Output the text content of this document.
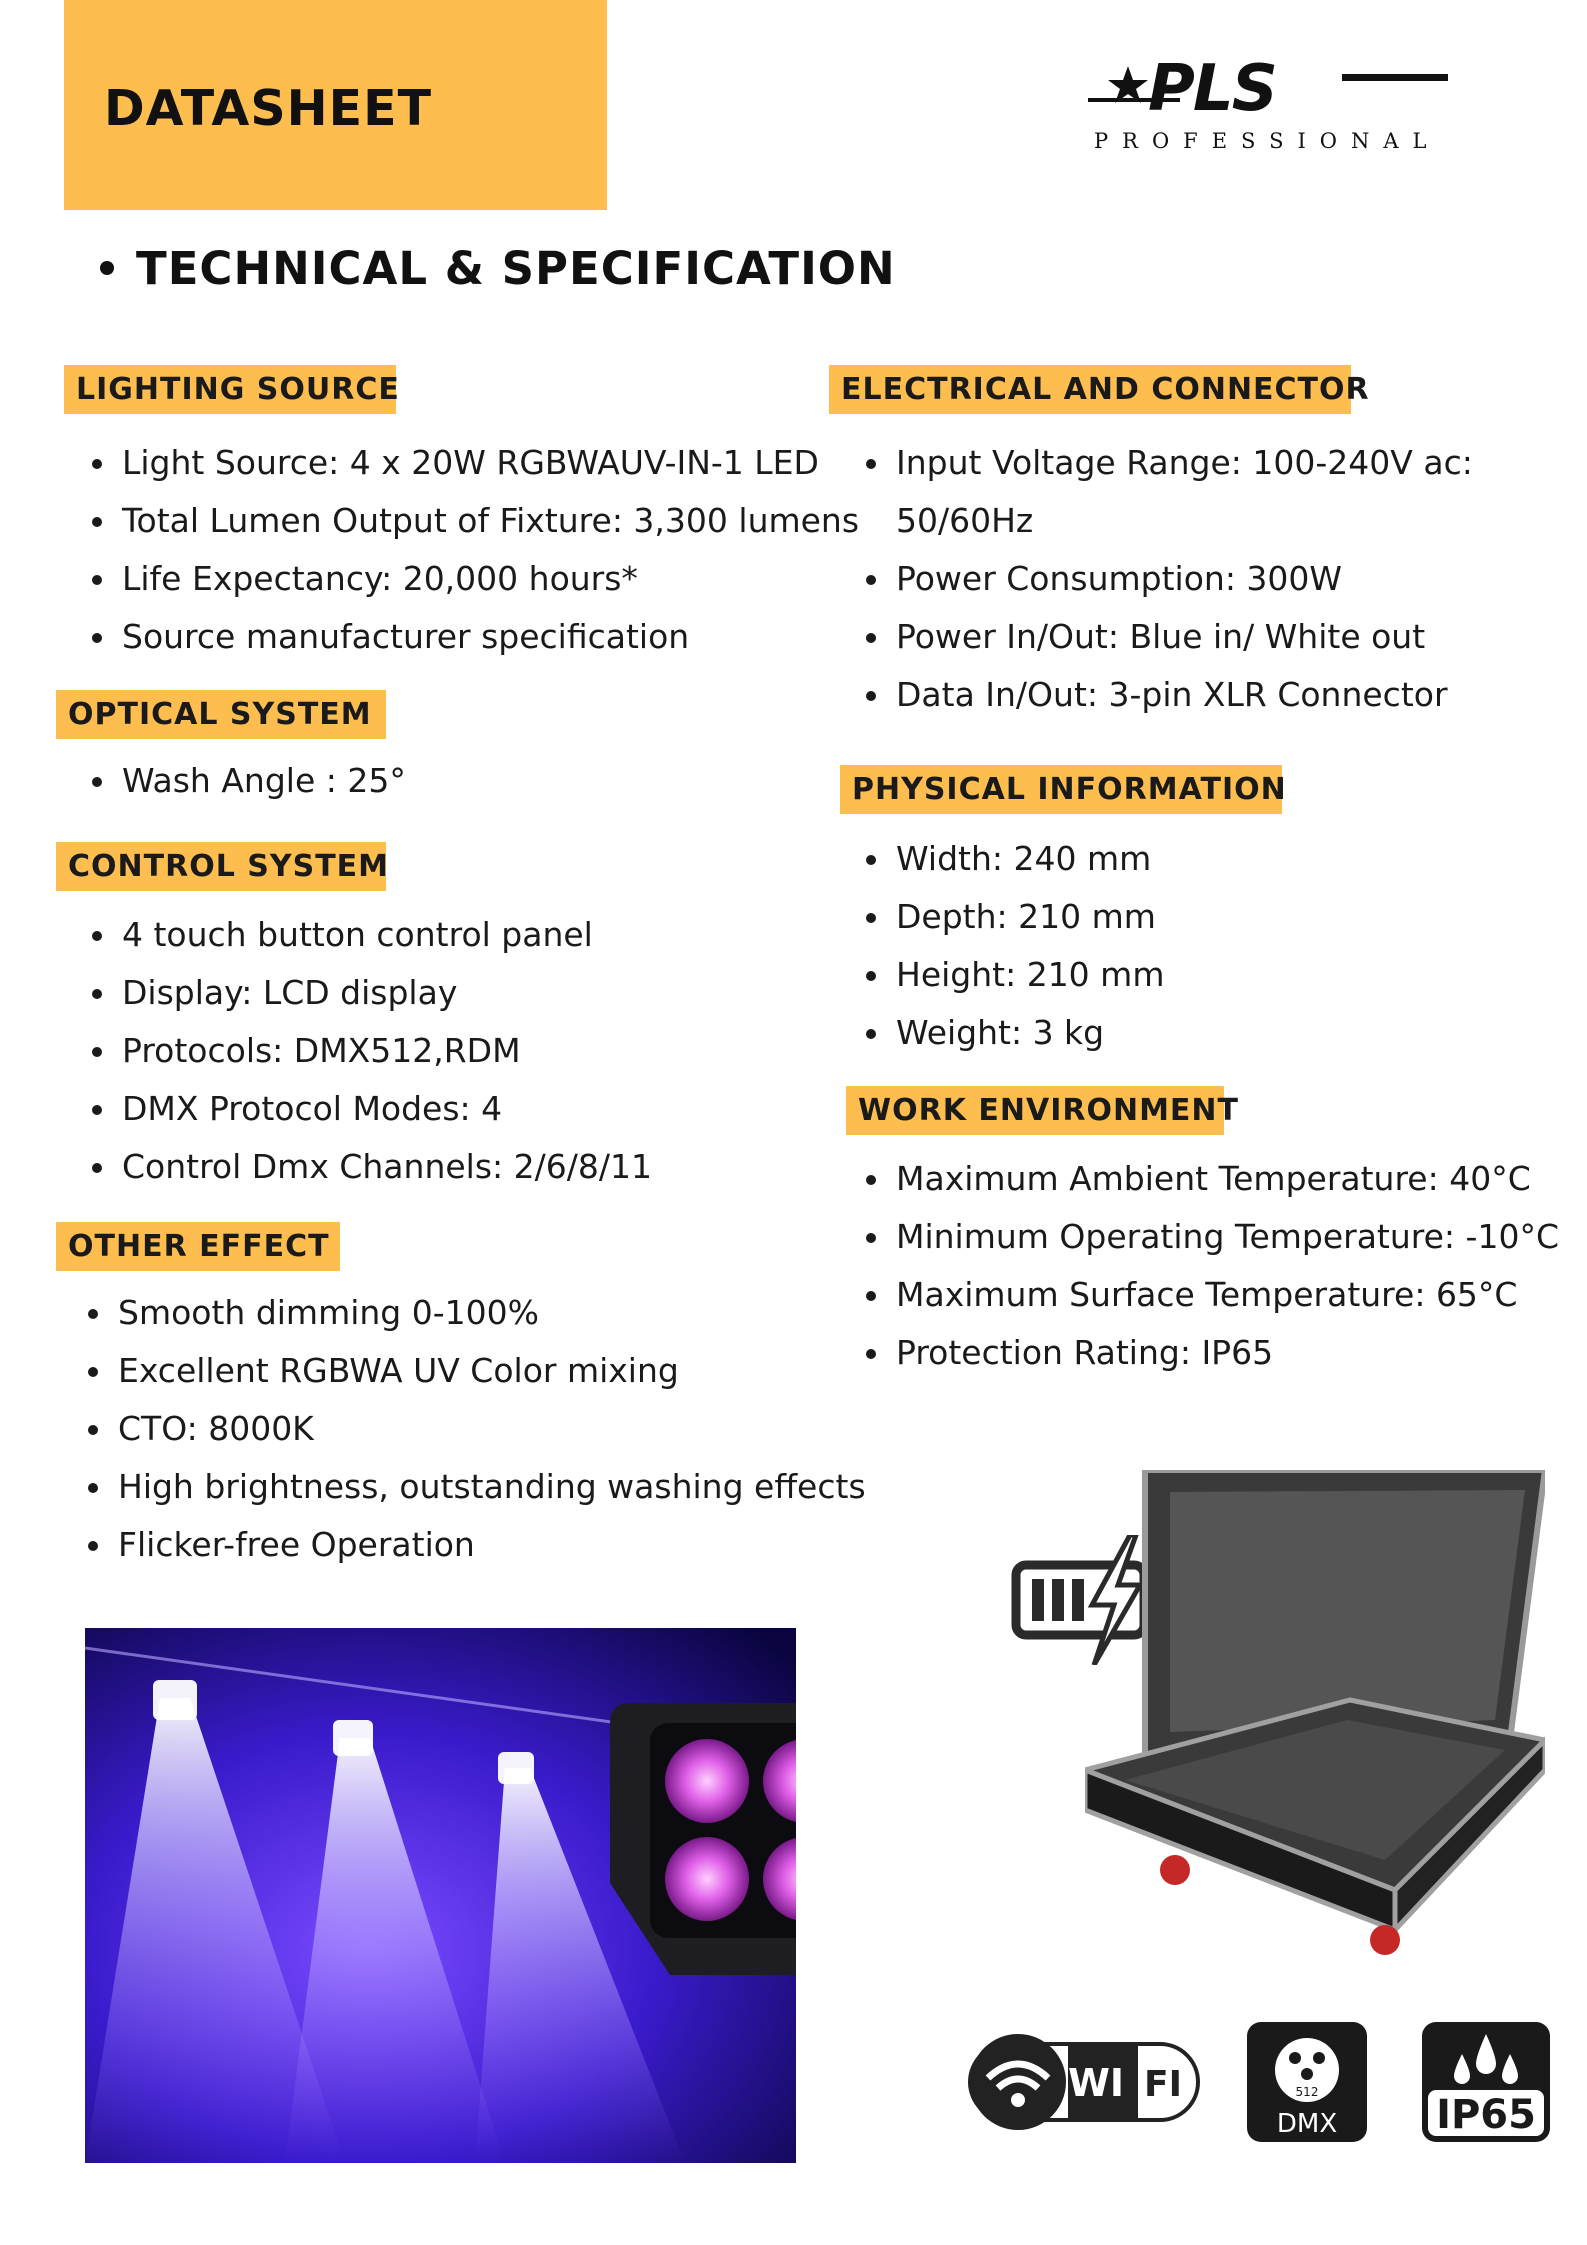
DATASHEET	PLS
PROFESSIONAL
TECHNICAL & SPECIFICATION
LIGHTING SOURCE
Light Source: 4 x 20W RGBWAUV-IN-1 LED
Total Lumen Output of Fixture: 3,300 lumens
Life Expectancy: 20,000 hours*
Source manufacturer specification
OPTICAL SYSTEM
Wash Angle : 25°
CONTROL SYSTEM
4 touch button control panel
Display: LCD display
Protocols: DMX512,RDM
DMX Protocol Modes: 4
Control Dmx Channels: 2/6/8/11
OTHER EFFECT
Smooth dimming 0-100%
Excellent RGBWA UV Color mixing
CTO: 8000K
High brightness, outstanding washing effects
Flicker-free Operation
ELECTRICAL AND CONNECTOR
Input Voltage Range: 100-240V ac:
50/60Hz
Power Consumption: 300W
Power In/Out: Blue in/ White out
Data In/Out: 3-pin XLR Connector
PHYSICAL INFORMATION
Width: 240 mm
Depth: 210 mm
Height: 210 mm
Weight: 3 kg
WORK ENVIRONMENT
Maximum Ambient Temperature: 40°C
Minimum Operating Temperature: -10°C
Maximum Surface Temperature: 65°C
Protection Rating: IP65
WI FI	512
DMX IP65
